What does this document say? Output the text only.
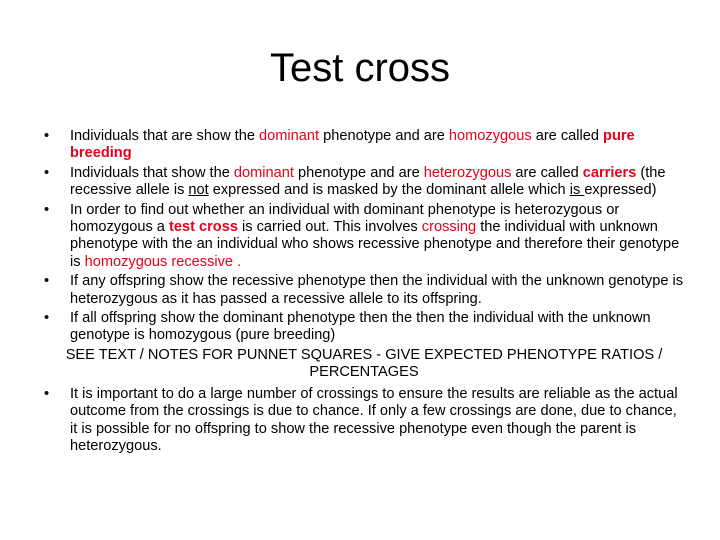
Test cross
•	Individuals that are show the dominant phenotype and are homozygous are called pure breeding
•	Individuals that show the dominant phenotype and are heterozygous are called carriers (the recessive allele is not expressed and is masked by the dominant allele which is expressed)
•	In order to find out whether an individual with dominant phenotype is heterozygous or homozygous a test cross is carried out. This involves crossing the individual with unknown phenotype with the an individual who shows recessive phenotype and therefore their genotype is homozygous recessive .
•	If any offspring show the recessive phenotype then the individual with the unknown genotype is heterozygous as it has passed a recessive allele to its offspring.
•	If all offspring show the dominant phenotype then the then the individual with the unknown genotype is homozygous (pure breeding)
SEE TEXT / NOTES FOR PUNNET SQUARES - GIVE EXPECTED PHENOTYPE RATIOS / PERCENTAGES
•	It is important to do a large number of crossings to ensure the results are reliable as the actual outcome from the crossings is due to chance. If only a few crossings are done, due to chance, it is possible for no offspring to show the recessive phenotype even though the parent is heterozygous.
